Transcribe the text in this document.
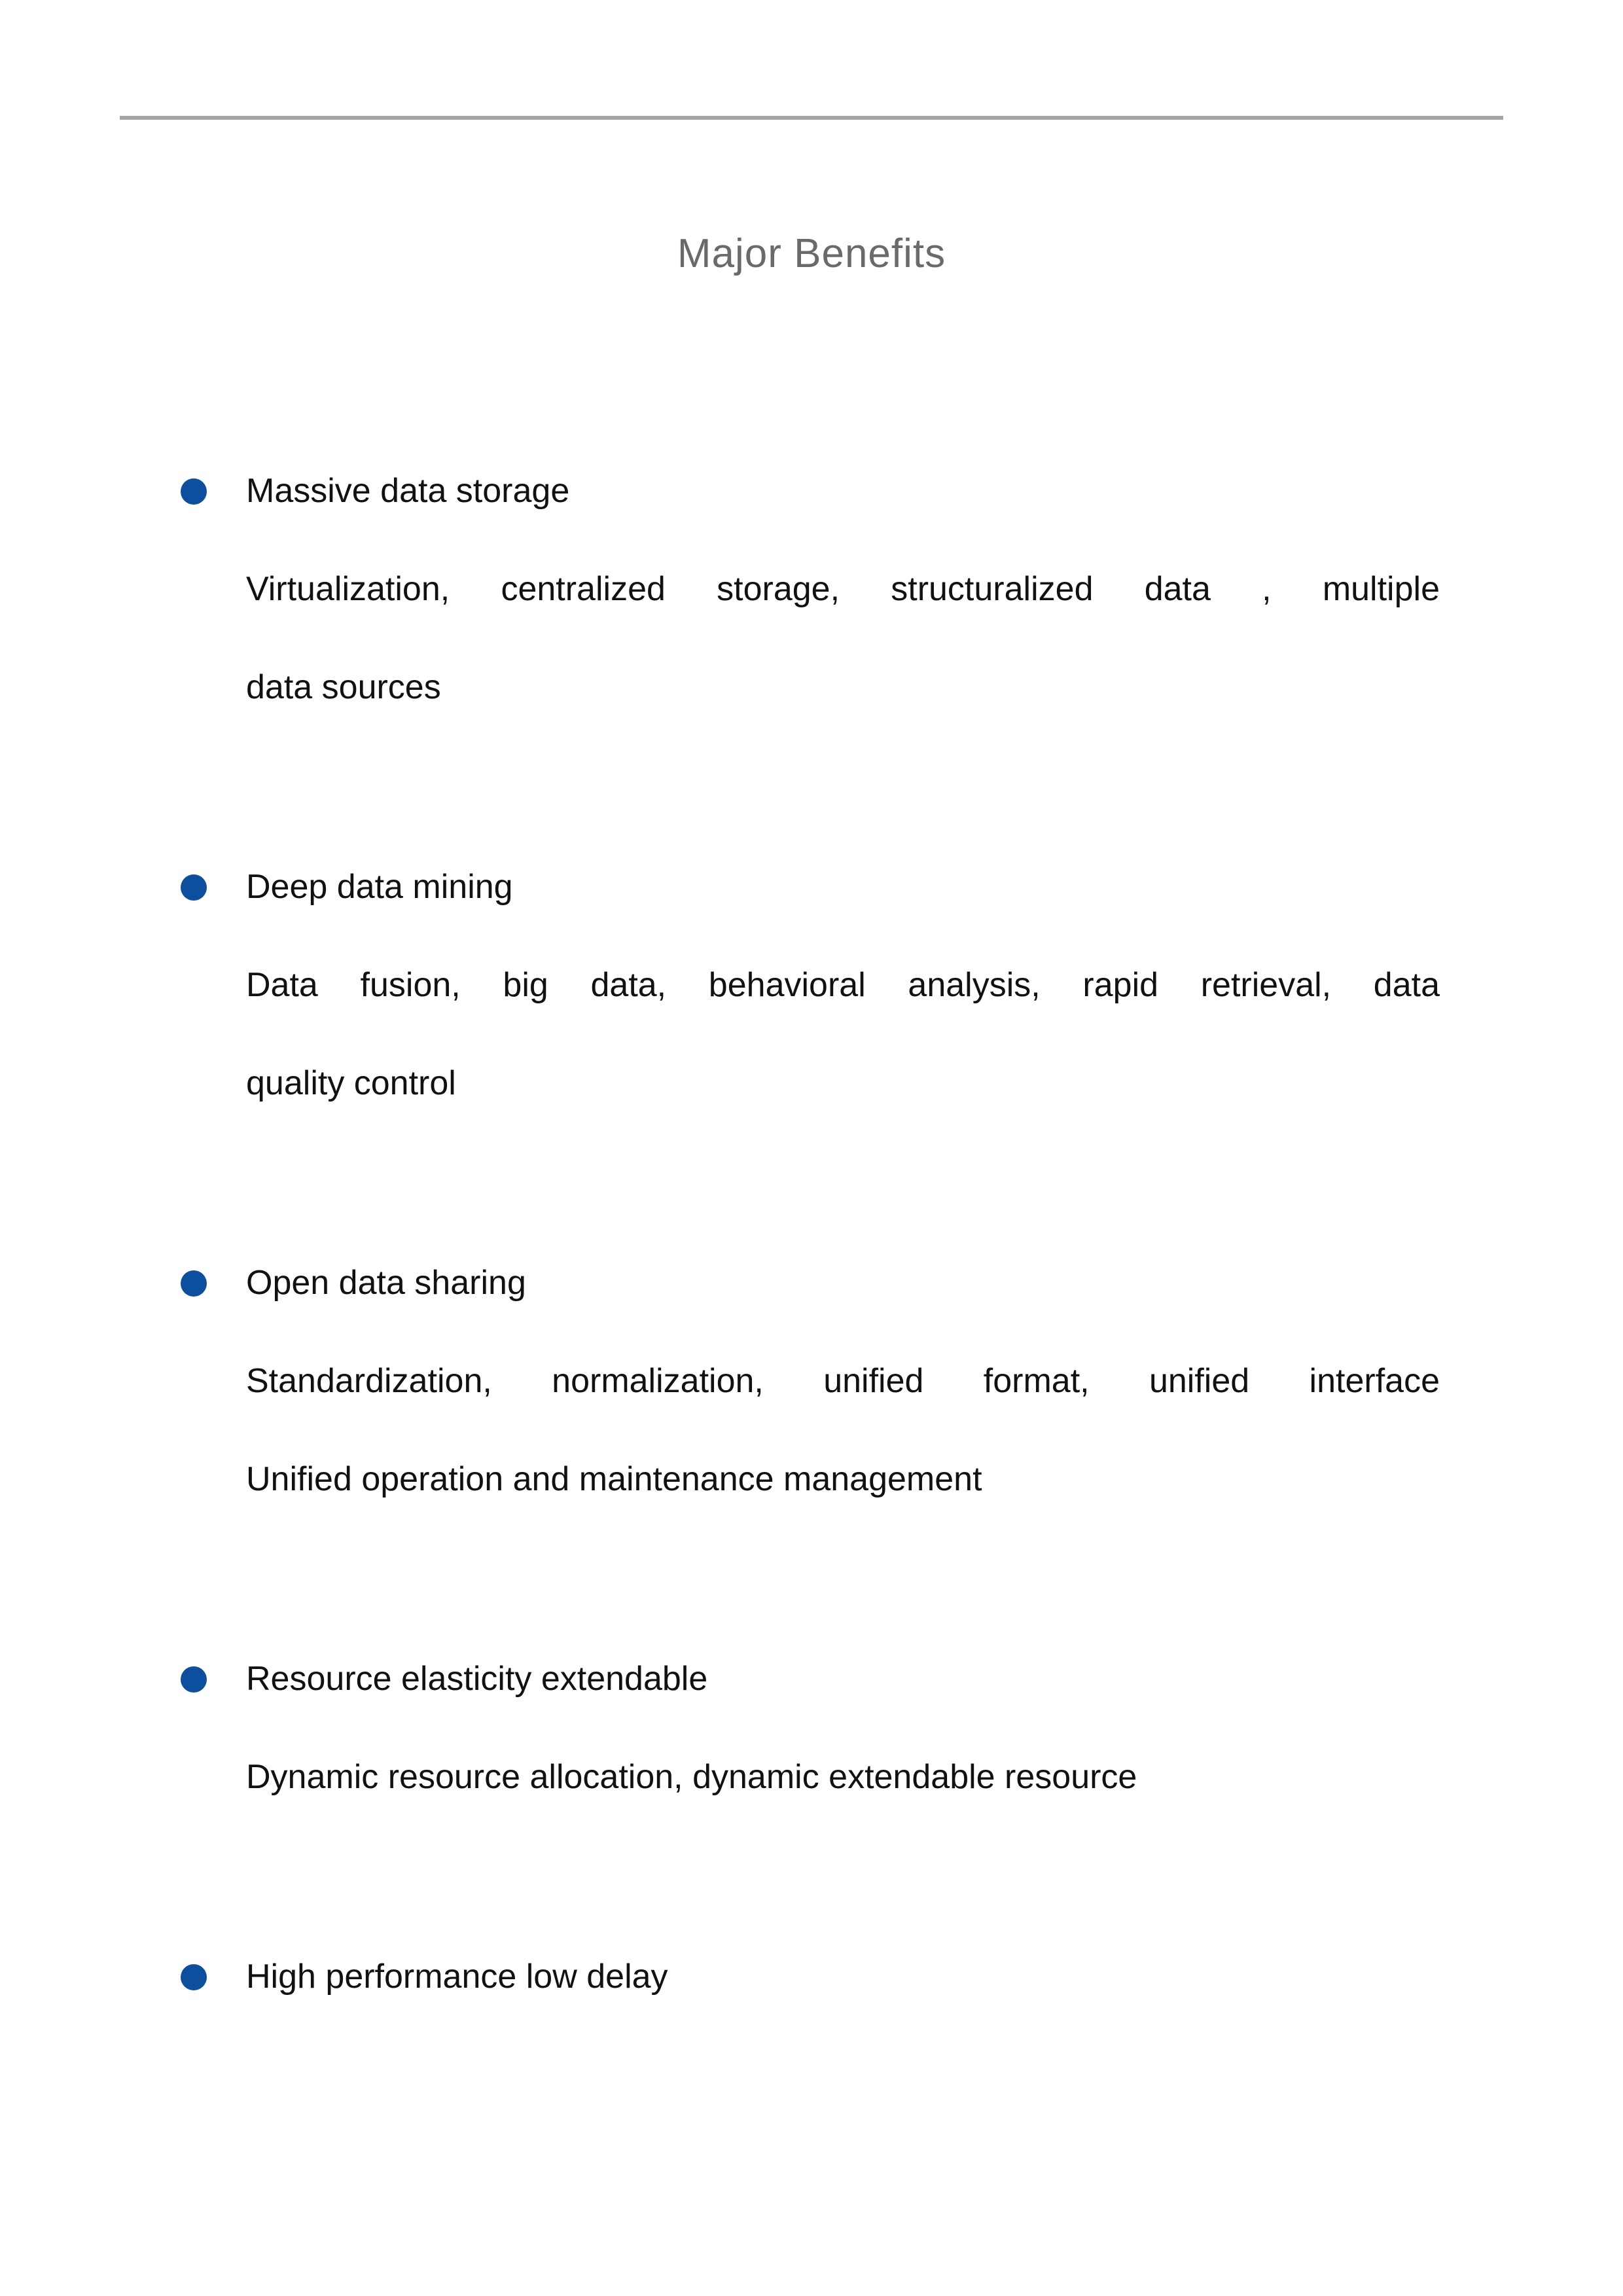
Major Benefits
Massive data storage
Virtualization, centralized storage, structuralized data , multiple
data sources
Deep data mining
Data fusion, big data, behavioral analysis, rapid retrieval, data
quality control
Open data sharing
Standardization, normalization, unified format, unified interface
Unified operation and maintenance management
Resource elasticity extendable
Dynamic resource allocation, dynamic extendable resource
High performance low delay
